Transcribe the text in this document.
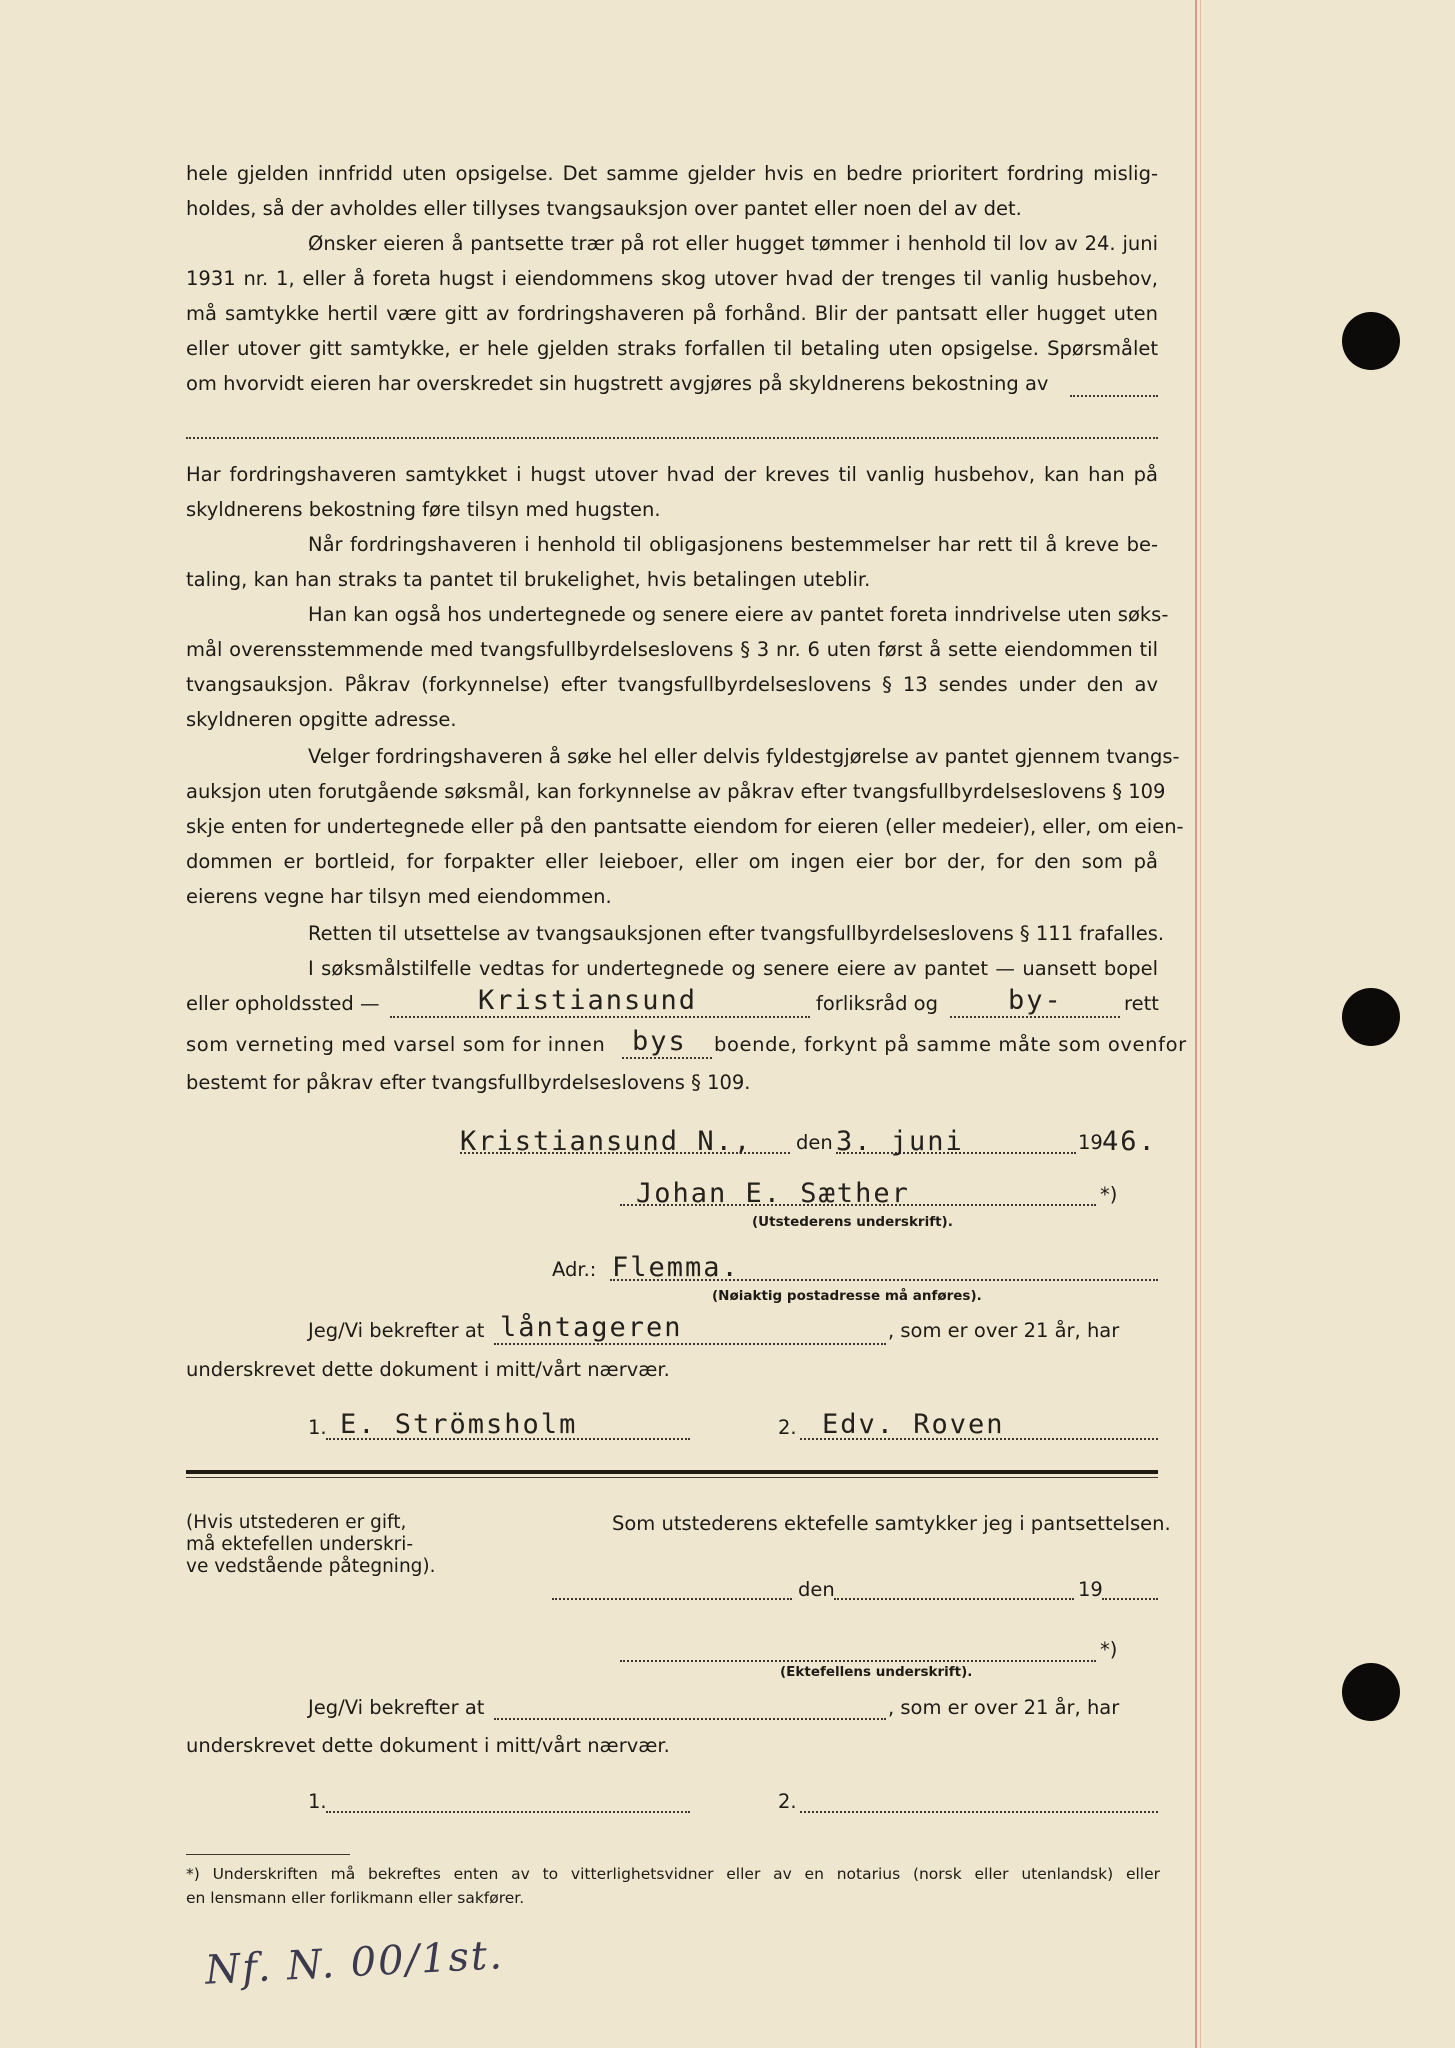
hele gjelden innfridd uten opsigelse. Det samme gjelder hvis en bedre prioritert fordring mislig-
holdes, så der avholdes eller tillyses tvangsauksjon over pantet eller noen del av det.
Ønsker eieren å pantsette trær på rot eller hugget tømmer i henhold til lov av 24. juni
1931 nr. 1, eller å foreta hugst i eiendommens skog utover hvad der trenges til vanlig husbehov,
må samtykke hertil være gitt av fordringshaveren på forhånd. Blir der pantsatt eller hugget uten
eller utover gitt samtykke, er hele gjelden straks forfallen til betaling uten opsigelse. Spørsmålet
om hvorvidt eieren har overskredet sin hugstrett avgjøres på skyldnerens bekostning av
Har fordringshaveren samtykket i hugst utover hvad der kreves til vanlig husbehov, kan han på
skyldnerens bekostning føre tilsyn med hugsten.
Når fordringshaveren i henhold til obligasjonens bestemmelser har rett til å kreve be-
taling, kan han straks ta pantet til brukelighet, hvis betalingen uteblir.
Han kan også hos undertegnede og senere eiere av pantet foreta inndrivelse uten søks-
mål overensstemmende med tvangsfullbyrdelseslovens § 3 nr. 6 uten først å sette eiendommen til
tvangsauksjon. Påkrav (forkynnelse) efter tvangsfullbyrdelseslovens § 13 sendes under den av
skyldneren opgitte adresse.
Velger fordringshaveren å søke hel eller delvis fyldestgjørelse av pantet gjennem tvangs-
auksjon uten forutgående søksmål, kan forkynnelse av påkrav efter tvangsfullbyrdelseslovens § 109
skje enten for undertegnede eller på den pantsatte eiendom for eieren (eller medeier), eller, om eien-
dommen er bortleid, for forpakter eller leieboer, eller om ingen eier bor der, for den som på
eierens vegne har tilsyn med eiendommen.
Retten til utsettelse av tvangsauksjonen efter tvangsfullbyrdelseslovens § 111 frafalles.
I søksmålstilfelle vedtas for undertegnede og senere eiere av pantet — uansett bopel
eller opholdssted —	Kristiansund	forliksråd og	by-	rett
som verneting med varsel som for innen bys boende, forkynt på samme måte som ovenfor
bestemt for påkrav efter tvangsfullbyrdelseslovens § 109.
Kristiansund N., den 3. juni	19 46.
Johan E. Sæther	*)
(Utstederens underskrift).
Adr.: Flemma.
(Nøiaktig postadresse må anføres).
Jeg/Vi bekrefter at låntageren	, som er over 21 år, har
underskrevet dette dokument i mitt/vårt nærvær.
1. E. Strömsholm	2. Edv. Roven
(Hvis utstederen er gift,
må ektefellen underskri-
ve vedstående påtegning).
Som utstederens ektefelle samtykker jeg i pantsettelsen.
den	19
*)
(Ektefellens underskrift).
Jeg/Vi bekrefter at	, som er over 21 år, har
underskrevet dette dokument i mitt/vårt nærvær.
1.	2.
*) Underskriften må bekreftes enten av to vitterlighetsvidner eller av en notarius (norsk eller utenlandsk) eller
en lensmann eller forlikmann eller sakfører.
Nf. N. 00/1st.
